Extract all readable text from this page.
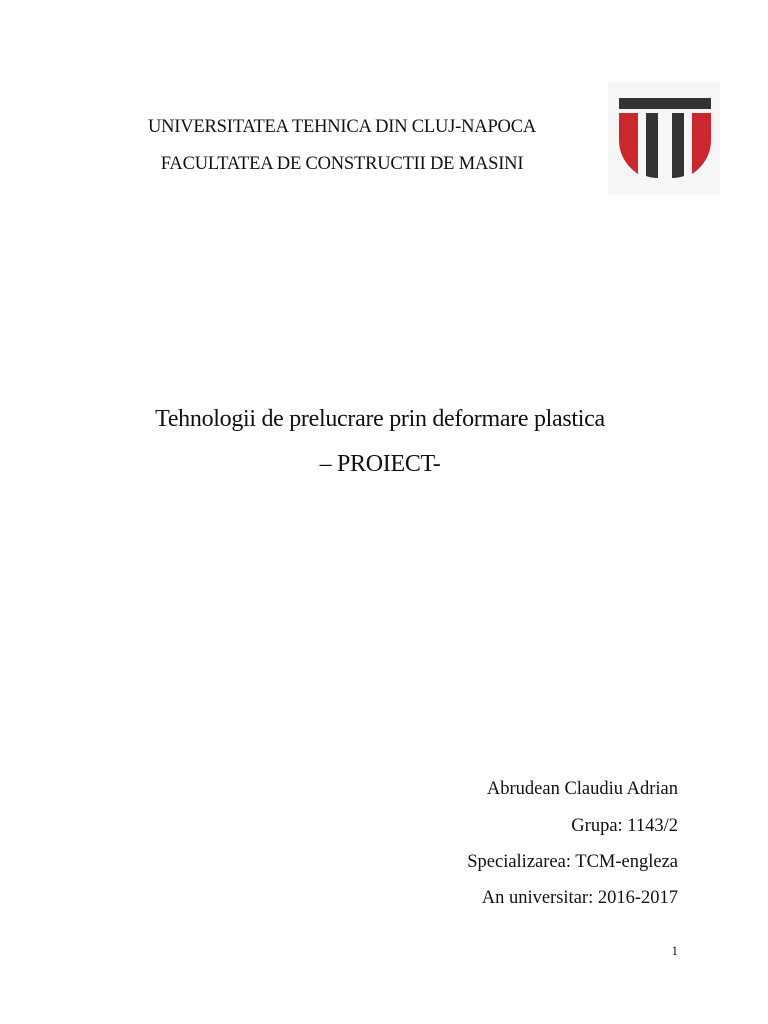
UNIVERSITATEA TEHNICA DIN CLUJ-NAPOCA
FACULTATEA DE CONSTRUCTII DE MASINI
Tehnologii de prelucrare prin deformare plastica
– PROIECT-
Abrudean Claudiu Adrian
Grupa: 1143/2
Specializarea: TCM-engleza
An universitar: 2016-2017
1
